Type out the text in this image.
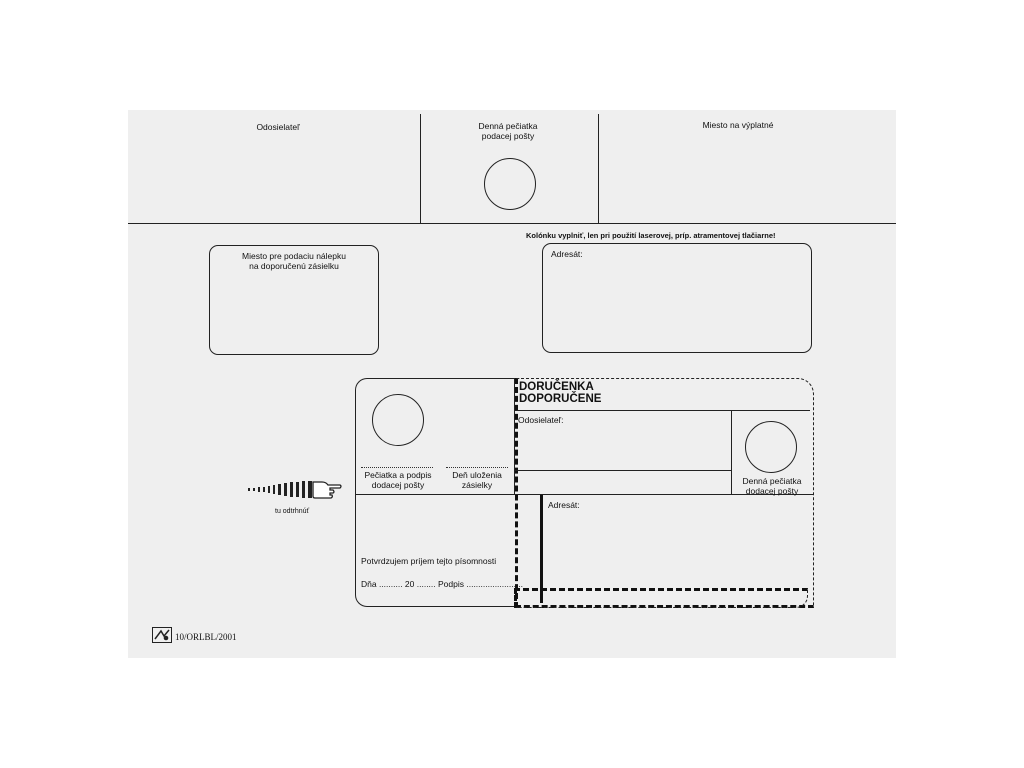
Odosielateľ	Denná pečiatka
podacej pošty
Miesto na výplatné
Kolónku vyplniť, len pri použití laserovej, príp. atramentovej tlačiarne!
Miesto pre podaciu nálepku
na doporučenú zásielku
Adresát:
DORUČENKA
DOPORUČENE
Odosielateľ:
Pečiatka a podpis
dodacej pošty
Deň uloženia
zásielky	Denná pečiatka
dodacej pošty
Adresát:
Potvrdzujem príjem tejto písomnosti
Dňa .......... 20 ........ Podpis ........................
tu odtrhnúť
10/ORLBL/2001
